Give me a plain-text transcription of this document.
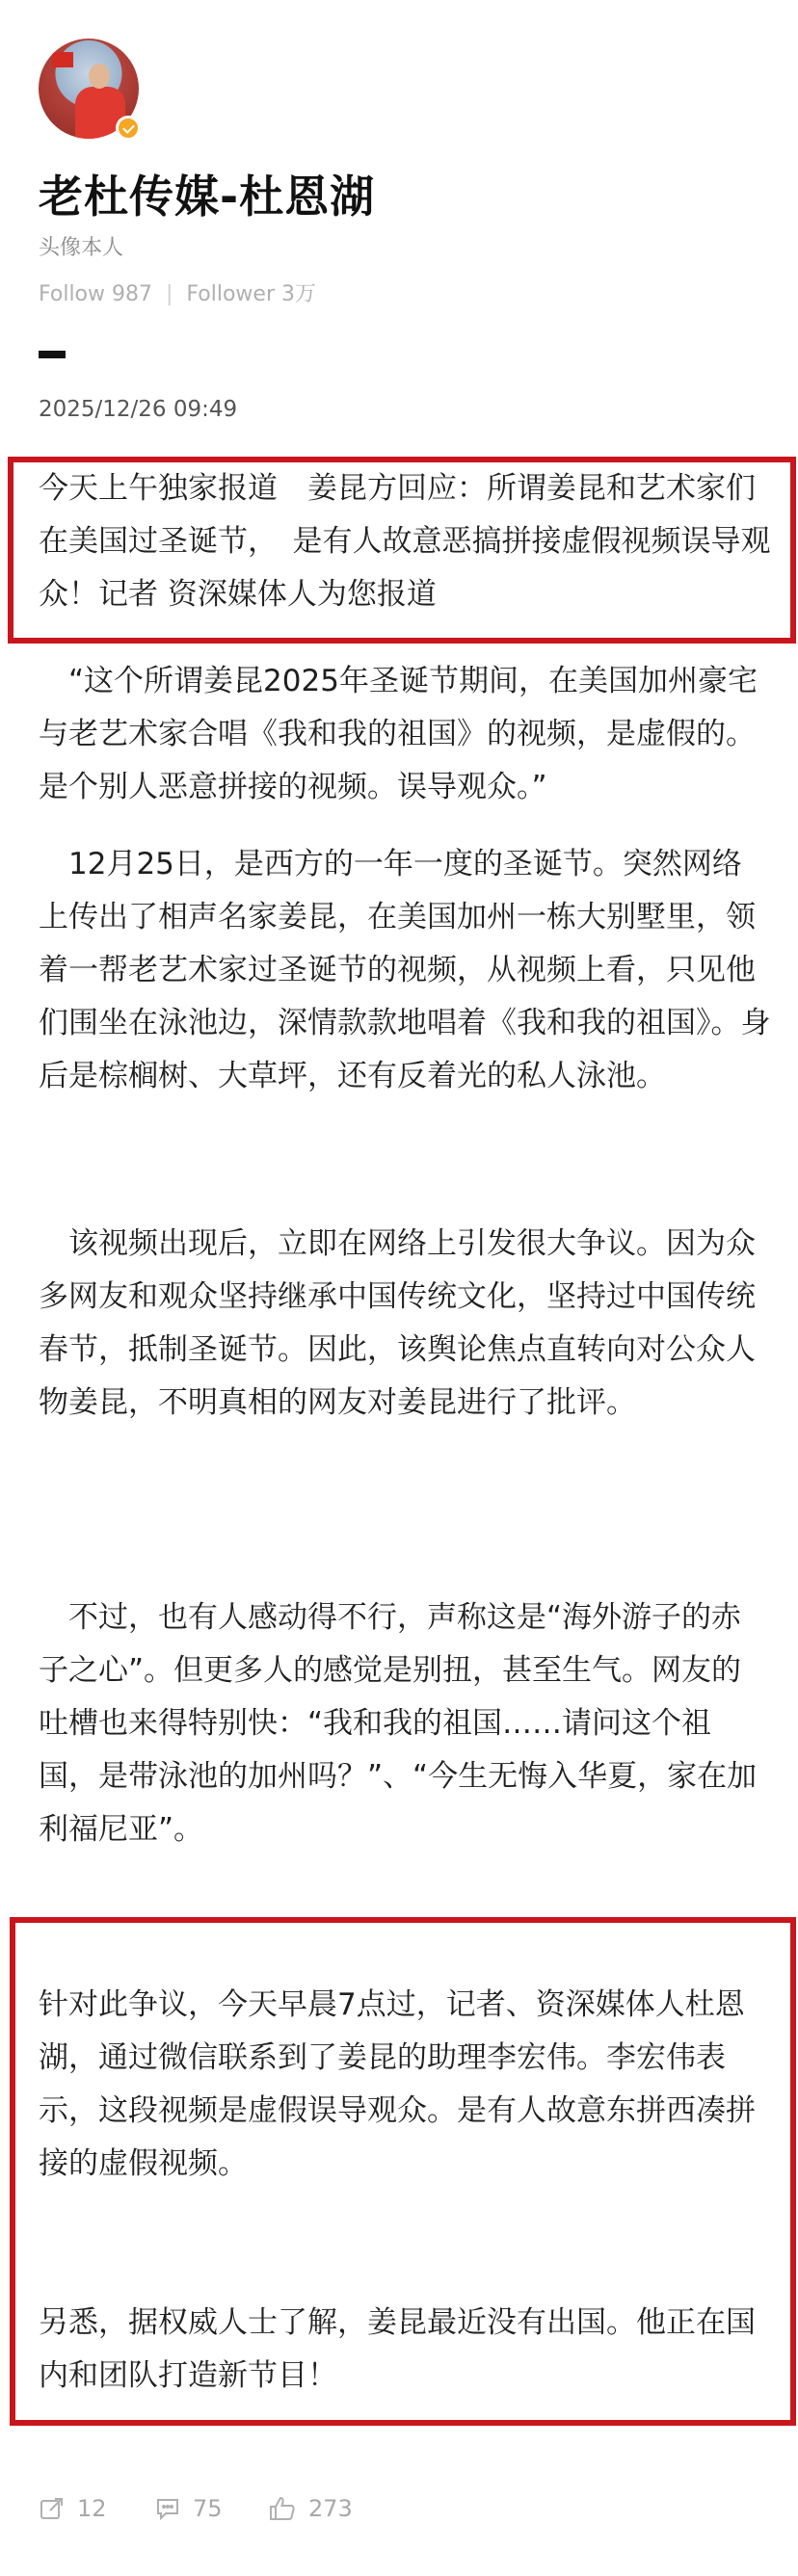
老杜传媒-杜恩湖
头像本人
Follow 987 | Follower 3万
2025/12/26 09:49
今天上午独家报道　姜昆方回应：所谓姜昆和艺术家们在美国过圣诞节，　是有人故意恶搞拼接虚假视频误导观众！记者 资深媒体人为您报道
　“这个所谓姜昆2025年圣诞节期间，在美国加州豪宅与老艺术家合唱《我和我的祖国》的视频，是虚假的。是个别人恶意拼接的视频。误导观众。”
　12月25日，是西方的一年一度的圣诞节。突然网络上传出了相声名家姜昆，在美国加州一栋大别墅里，领着一帮老艺术家过圣诞节的视频，从视频上看，只见他们围坐在泳池边，深情款款地唱着《我和我的祖国》。身后是棕榈树、大草坪，还有反着光的私人泳池。
　该视频出现后，立即在网络上引发很大争议。因为众多网友和观众坚持继承中国传统文化，坚持过中国传统春节，抵制圣诞节。因此，该舆论焦点直转向对公众人物姜昆，不明真相的网友对姜昆进行了批评。
　不过，也有人感动得不行，声称这是“海外游子的赤子之心”。但更多人的感觉是别扭，甚至生气。网友的吐槽也来得特别快：“我和我的祖国……请问这个祖国，是带泳池的加州吗？”、“今生无悔入华夏，家在加利福尼亚”。
针对此争议，今天早晨7点过，记者、资深媒体人杜恩湖，通过微信联系到了姜昆的助理李宏伟。李宏伟表示，这段视频是虚假误导观众。是有人故意东拼西凑拼接的虚假视频。
另悉，据权威人士了解，姜昆最近没有出国。他正在国内和团队打造新节目！
12	75	273
